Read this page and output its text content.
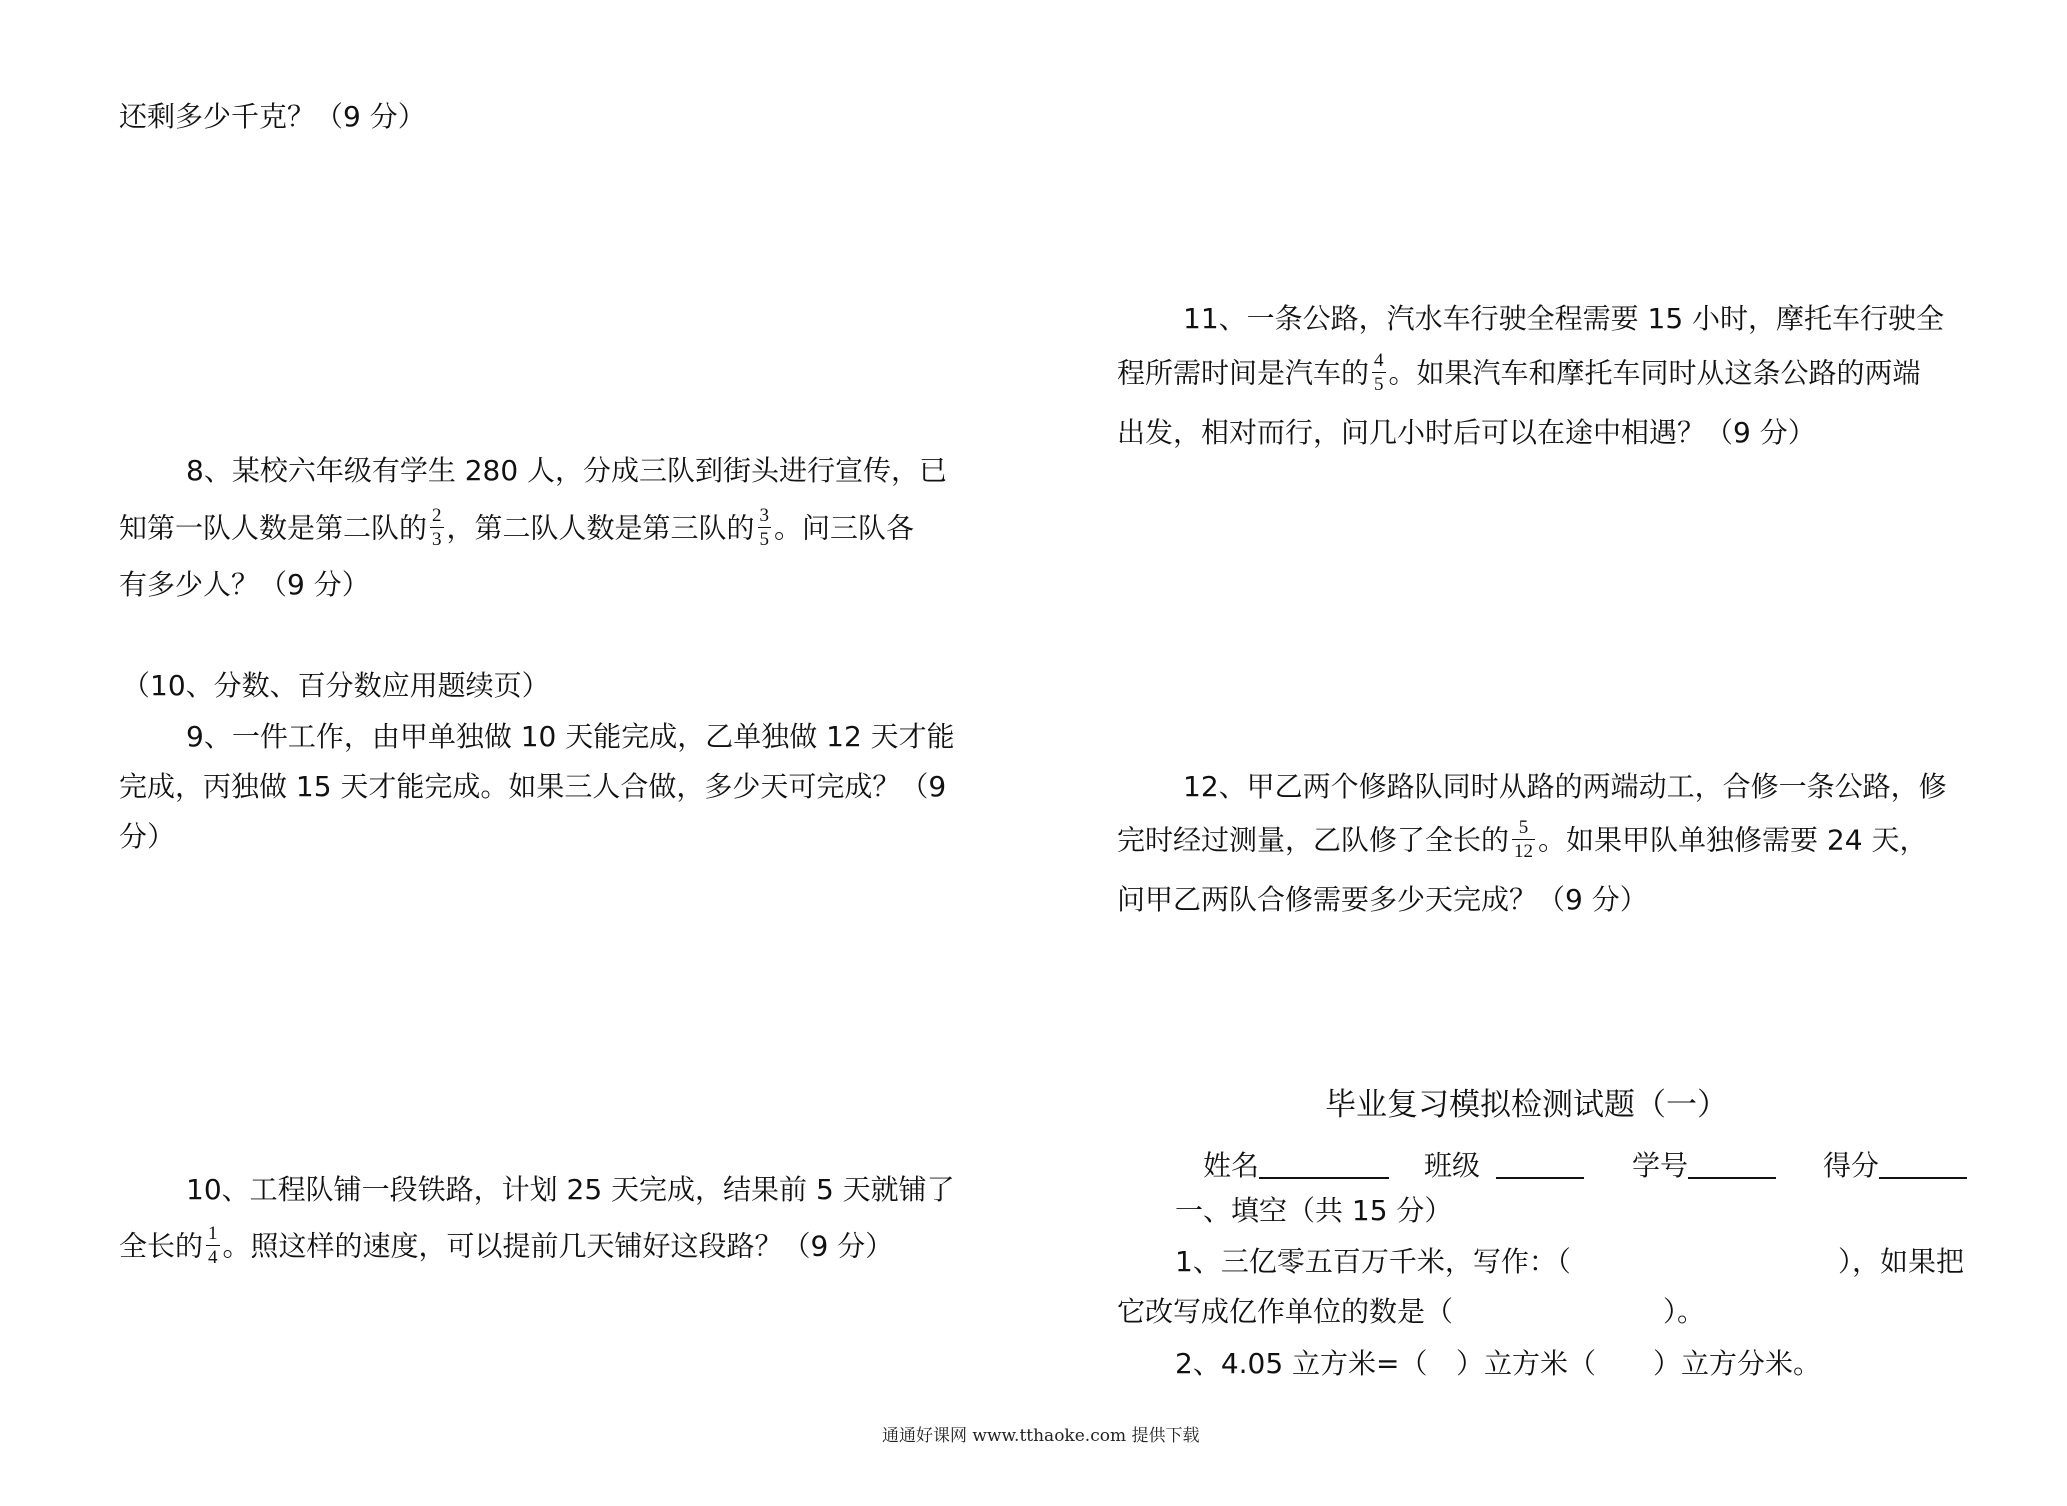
还剩多少千克？（9 分）
8、某校六年级有学生 280 人，分成三队到街头进行宣传，已
知第一队人数是第二队的 $\frac{2}{3}$ ，第二队人数是第三队的 $\frac{3}{5}$ 。问三队各
有多少人？（9 分）
（10、分数、百分数应用题续页）
9、一件工作，由甲单独做 10 天能完成，乙单独做 12 天才能
完成，丙独做 15 天才能完成。如果三人合做，多少天可完成？（9
分）
10、工程队铺一段铁路，计划 25 天完成，结果前 5 天就铺了
全长的 $\frac{1}{4}$ 。照这样的速度，可以提前几天铺好这段路？（9 分）
11、一条公路，汽水车行驶全程需要 15 小时，摩托车行驶全
程所需时间是汽车的 $\frac{4}{5}$ 。如果汽车和摩托车同时从这条公路的两端
出发，相对而行，问几小时后可以在途中相遇？（9 分）
12、甲乙两个修路队同时从路的两端动工，合修一条公路，修
完时经过测量，乙队修了全长的 $\frac{5}{12}$ 。如果甲队单独修需要 24 天，
问甲乙两队合修需要多少天完成？（9 分）
毕业复习模拟检测试题（一）
姓名	班级	学号	得分
一、填空（共 15 分）
1、三亿零五百万千米，写作：（	），如果把
它改写成亿作单位的数是（	）。
2、4.05 立方米=（ ）立方米（ ）立方分米。
通通好课网 www.tthaoke.com 提供下载
